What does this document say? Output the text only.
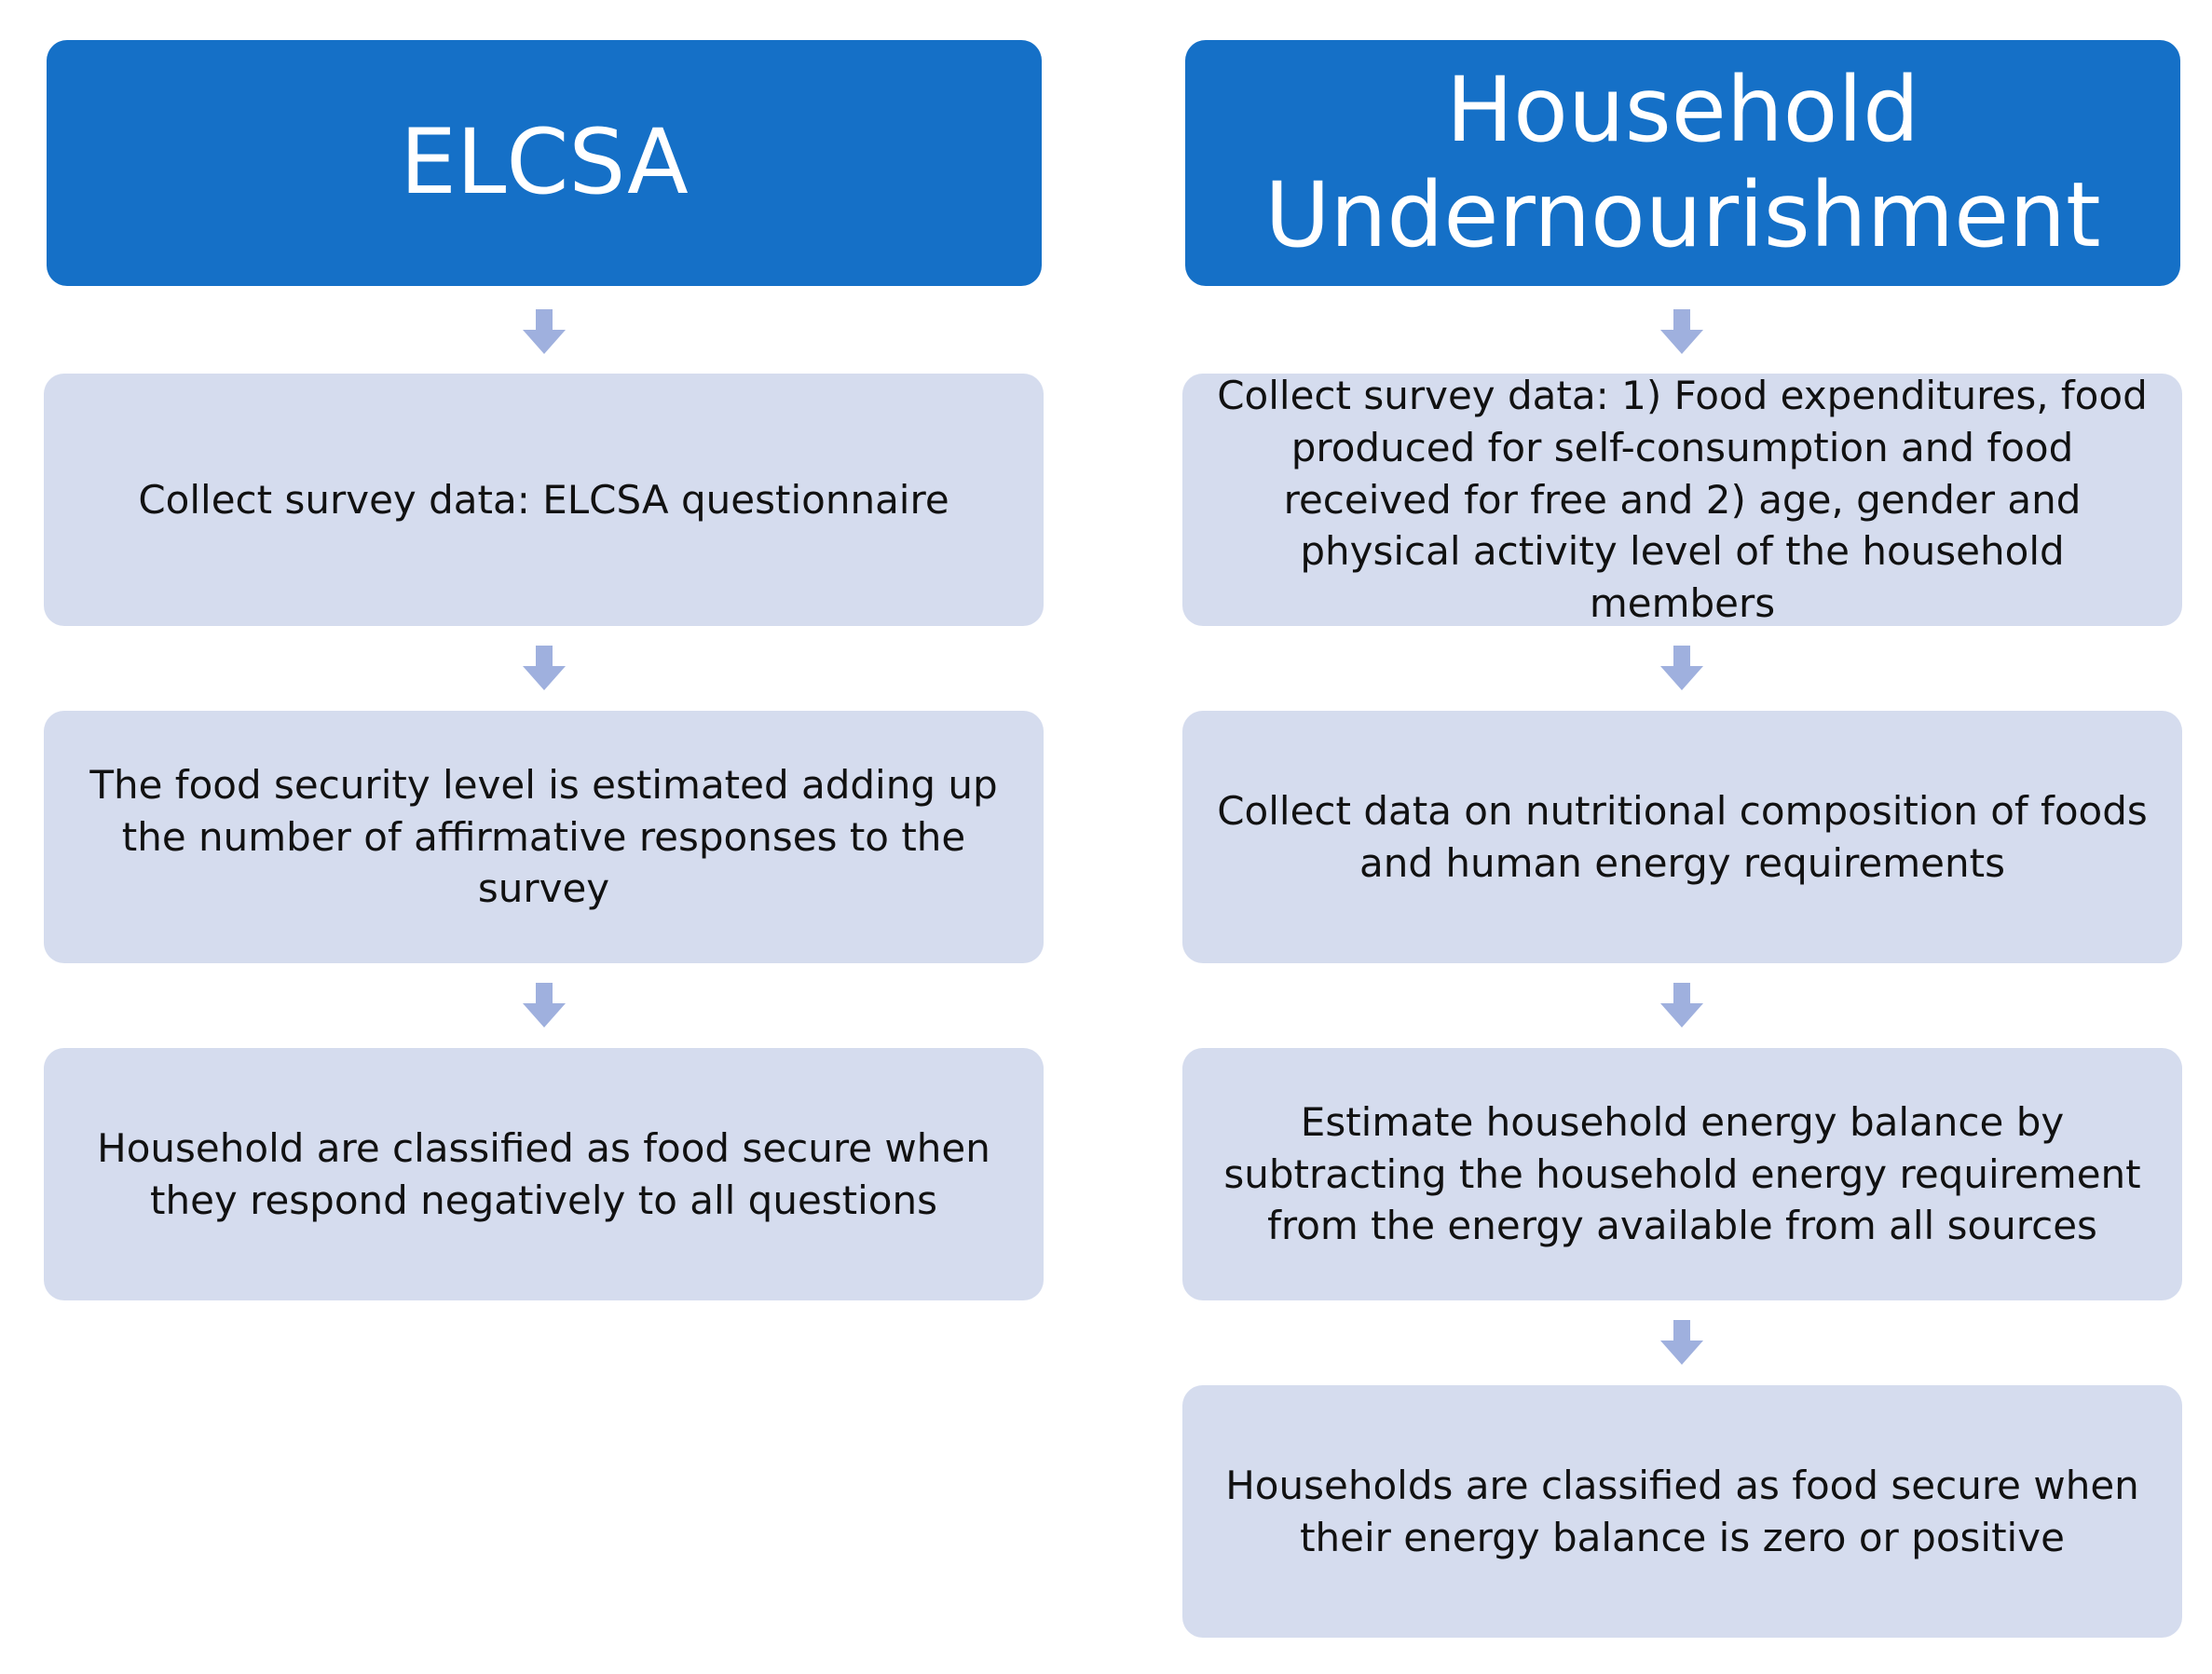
ELCSA
Collect survey data: ELCSA questionnaire
The food security level is estimated adding up the number of affirmative responses to the survey
Household are classified as food secure when they respond negatively to all questions
Household
Undernourishment
Collect survey data: 1) Food expenditures, food produced for self-consumption and food received for free and 2) age, gender and physical activity level of the household members
Collect data on nutritional composition of foods and human energy requirements
Estimate household energy balance by subtracting the household energy requirement from the energy available from all sources
Households are classified as food secure when their energy balance is zero or positive
